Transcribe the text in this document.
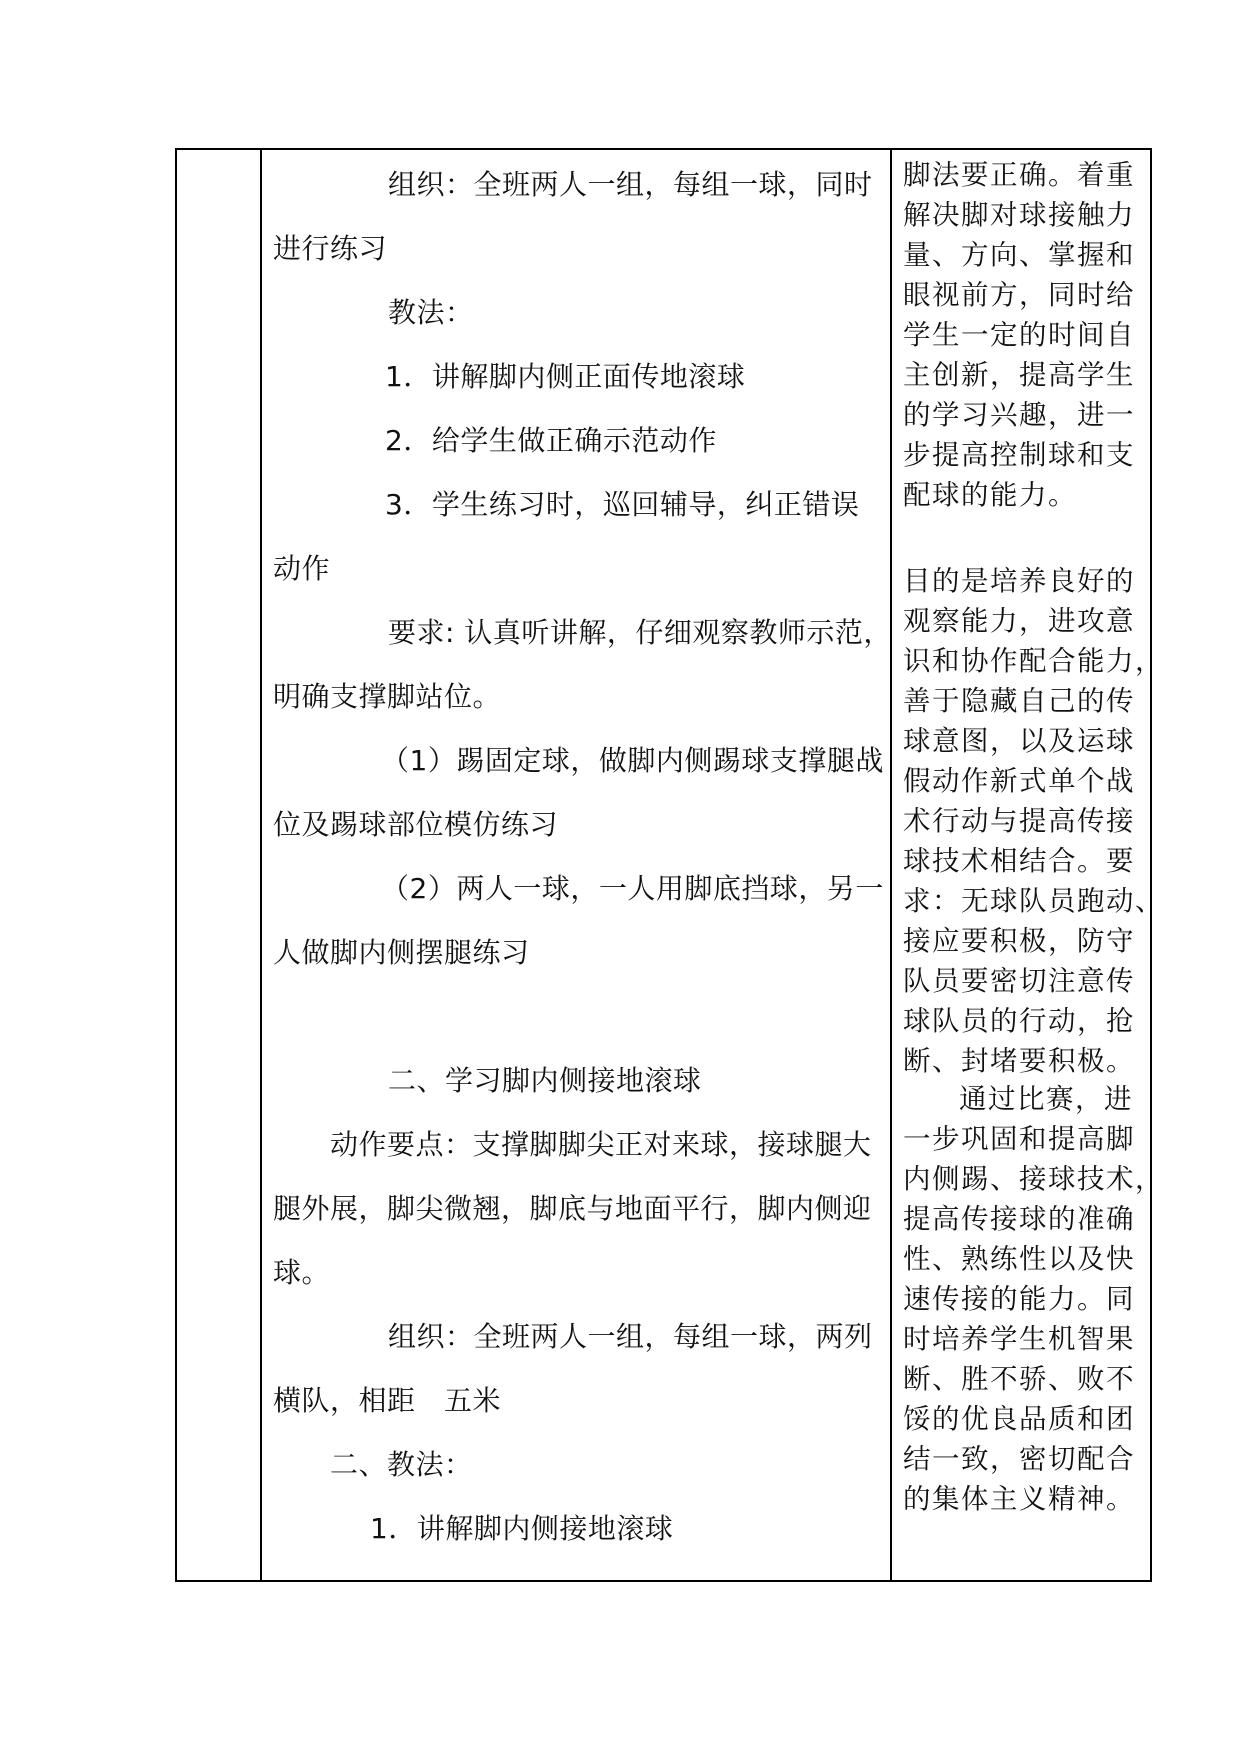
组织：全班两人一组，每组一球，同时
进行练习
教法：
1．讲解脚内侧正面传地滚球
2．给学生做正确示范动作
3．学生练习时，巡回辅导，纠正错误
动作
要求: 认真听讲解，仔细观察教师示范，
明确支撑脚站位。
（1）踢固定球，做脚内侧踢球支撑腿战
位及踢球部位模仿练习
（2）两人一球，一人用脚底挡球，另一
人做脚内侧摆腿练习
二、学习脚内侧接地滚球
动作要点：支撑脚脚尖正对来球，接球腿大
腿外展，脚尖微翘，脚底与地面平行，脚内侧迎
球。
组织：全班两人一组，每组一球，两列
横队，相距　五米
二、教法：
1．讲解脚内侧接地滚球
脚法要正确。着重
解决脚对球接触力
量、方向、掌握和
眼视前方，同时给
学生一定的时间自
主创新，提高学生
的学习兴趣，进一
步提高控制球和支
配球的能力。
目的是培养良好的
观察能力，进攻意
识和协作配合能力，
善于隐藏自己的传
球意图，以及运球
假动作新式单个战
术行动与提高传接
球技术相结合。要
求：无球队员跑动、
接应要积极，防守
队员要密切注意传
球队员的行动，抢
断、封堵要积极。
通过比赛，进
一步巩固和提高脚
内侧踢、接球技术，
提高传接球的准确
性、熟练性以及快
速传接的能力。同
时培养学生机智果
断、胜不骄、败不
馁的优良品质和团
结一致，密切配合
的集体主义精神。
